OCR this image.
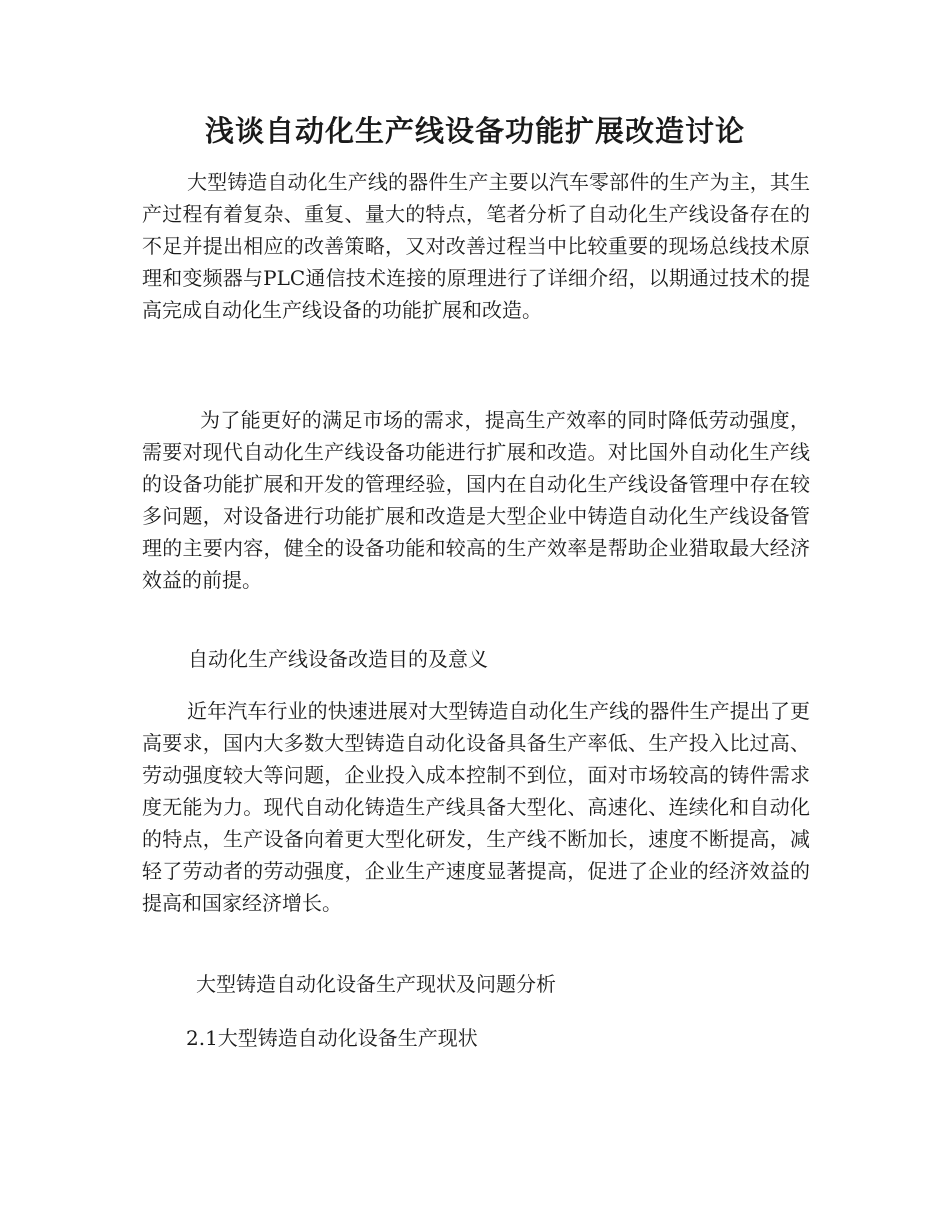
浅谈自动化生产线设备功能扩展改造讨论

大型铸造自动化生产线的器件生产主要以汽车零部件的生产为主，其生产过程有着复杂、重复、量大的特点，笔者分析了自动化生产线设备存在的不足并提出相应的改善策略，又对改善过程当中比较重要的现场总线技术原理和变频器与PLC通信技术连接的原理进行了详细介绍，以期通过技术的提高完成自动化生产线设备的功能扩展和改造。

为了能更好的满足市场的需求，提高生产效率的同时降低劳动强度，需要对现代自动化生产线设备功能进行扩展和改造。对比国外自动化生产线的设备功能扩展和开发的管理经验，国内在自动化生产线设备管理中存在较多问题，对设备进行功能扩展和改造是大型企业中铸造自动化生产线设备管理的主要内容，健全的设备功能和较高的生产效率是帮助企业猎取最大经济效益的前提。

自动化生产线设备改造目的及意义

近年汽车行业的快速进展对大型铸造自动化生产线的器件生产提出了更高要求，国内大多数大型铸造自动化设备具备生产率低、生产投入比过高、劳动强度较大等问题，企业投入成本控制不到位，面对市场较高的铸件需求度无能为力。现代自动化铸造生产线具备大型化、高速化、连续化和自动化的特点，生产设备向着更大型化研发，生产线不断加长，速度不断提高，减轻了劳动者的劳动强度，企业生产速度显著提高，促进了企业的经济效益的提高和国家经济增长。

大型铸造自动化设备生产现状及问题分析

2.1大型铸造自动化设备生产现状
